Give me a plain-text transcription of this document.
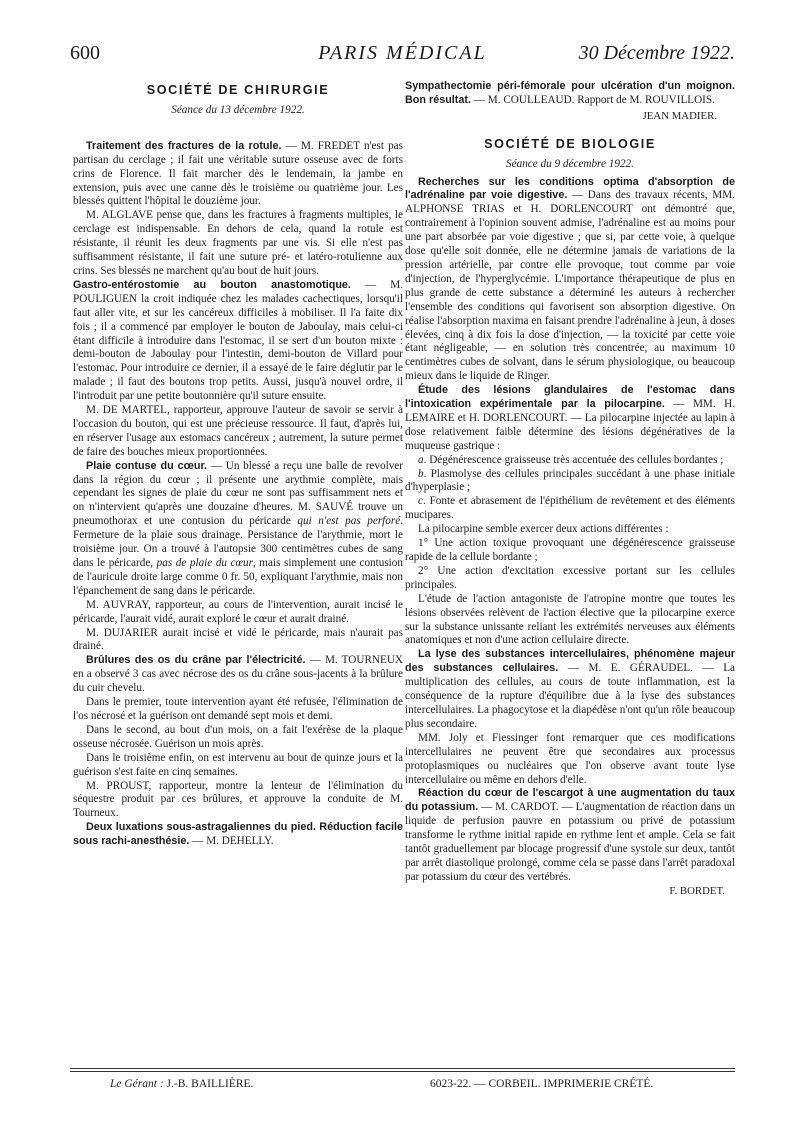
600	PARIS MÉDICAL	30 Décembre 1922.
SOCIÉTÉ DE CHIRURGIE
Séance du 13 décembre 1922.

Traitement des fractures de la rotule. — M. FREDET n'est pas partisan du cerclage ; il fait une véritable suture osseuse avec de forts crins de Florence. Il fait marcher dès le lendemain, la jambe en extension, puis avec une canne dès le troisième ou quatrième jour. Les blessés quittent l'hôpital le douzième jour.

M. ALGLAVE pense que, dans les fractures à fragments multiples, le cerclage est indispensable. En dehors de cela, quand la rotule est résistante, il réunit les deux fragments par une vis. Si elle n'est pas suffisamment résistante, il fait une suture pré- et latéro-rotulienne aux crins. Ses blessés ne marchent qu'au bout de huit jours.

Gastro-entérostomie au bouton anastomotique. — M. POULIGUEN la croit indiquée chez les malades cachectiques, lorsqu'il faut aller vite, et sur les cancéreux difficiles à mobiliser. Il l'a faite dix fois ; il a commencé par employer le bouton de Jaboulay, mais celui-ci étant difficile à introduire dans l'estomac, il se sert d'un bouton mixte : demi-bouton de Jaboulay pour l'intestin, demi-bouton de Villard pour l'estomac. Pour introduire ce dernier, il a essayé de le faire déglutir par le malade ; il faut des boutons trop petits. Aussi, jusqu'à nouvel ordre, il l'introduit par une petite boutonnière qu'il suture ensuite.

M. DE MARTEL, rapporteur, approuve l'auteur de savoir se servir à l'occasion du bouton, qui est une précieuse ressource. Il faut, d'après lui, en réserver l'usage aux estomacs cancéreux ; autrement, la suture permet de faire des bouches mieux proportionnées.

Plaie contuse du cœur. — Un blessé a reçu une balle de revolver dans la région du cœur ; il présente une arythmie complète, mais cependant les signes de plaie du cœur ne sont pas suffisamment nets et on n'intervient qu'après une douzaine d'heures. M. SAUVÉ trouve un pneumothorax et une contusion du péricarde qui n'est pas perforé. Fermeture de la plaie sous drainage. Persistance de l'arythmie, mort le troisième jour. On a trouvé à l'autopsie 300 centimètres cubes de sang dans le péricarde, pas de plaie du cœur, mais simplement une contusion de l'auricule droite large comme 0 fr. 50, expliquant l'arythmie, mais non l'épanchement de sang dans le péricarde.

M. AUVRAY, rapporteur, au cours de l'intervention, aurait incisé le péricarde, l'aurait vidé, aurait exploré le cœur et aurait drainé.

M. DUJARIER aurait incisé et vidé le péricarde, mais n'aurait pas drainé.

Brûlures des os du crâne par l'électricité. — M. TOURNEUX en a observé 3 cas avec nécrose des os du crâne sous-jacents à la brûlure du cuir chevelu.

Dans le premier, toute intervention ayant été refusée, l'élimination de l'os nécrosé et la guérison ont demandé sept mois et demi.

Dans le second, au bout d'un mois, on a fait l'exérèse de la plaque osseuse nécrosée. Guérison un mois après.

Dans le troisième enfin, on est intervenu au bout de quinze jours et la guérison s'est faite en cinq semaines.

M. PROUST, rapporteur, montre la lenteur de l'élimination du séquestre produit par ces brûlures, et approuve la conduite de M. Tourneux.

Deux luxations sous-astragaliennes du pied. Réduction facile sous rachi-anesthésie. — M. DEHELLY.

Sympathectomie péri-fémorale pour ulcération d'un moignon. Bon résultat. — M. COULLEAUD. Rapport de M. ROUVILLOIS.

JEAN MADIER.
SOCIÉTÉ DE BIOLOGIE
Séance du 9 décembre 1922.

Recherches sur les conditions optima d'absorption de l'adrénaline par voie digestive. — Dans des travaux récents, MM. ALPHONSE TRIAS et H. DORLENCOURT ont démontré que, contrairement à l'opinion souvent admise, l'adrénaline est au moins pour une part absorbée par voie digestive ; que si, par cette voie, à quelque dose qu'elle soit donnée, elle ne détermine jamais de variations de la pression artérielle, par contre elle provoque, tout comme par voie d'injection, de l'hyperglycémie. L'importance thérapeutique de plus en plus grande de cette substance a déterminé les auteurs à rechercher l'ensemble des conditions qui favorisent son absorption digestive. On réalise l'absorption maxima en faisant prendre l'adrénaline à jeun, à doses élevées, cinq à dix fois la dose d'injection, — la toxicité par cette voie étant négligeable, — en solution très concentrée, au maximum 10 centimètres cubes de solvant, dans le sérum physiologique, ou beaucoup mieux dans le liquide de Ringer.

Étude des lésions glandulaires de l'estomac dans l'intoxication expérimentale par la pilocarpine. — MM. H. LEMAIRE et H. DORLENCOURT. — La pilocarpine injectée au lapin à dose relativement faible détermine des lésions dégénératives de la muqueuse gastrique :

a. Dégénérescence graisseuse très accentuée des cellules bordantes ;

b. Plasmolyse des cellules principales succédant à une phase initiale d'hyperplasie ;

c. Fonte et abrasement de l'épithélium de revêtement et des éléments mucipares.

La pilocarpine semble exercer deux actions différentes :

1° Une action toxique provoquant une dégénérescence graisseuse rapide de la cellule bordante ;

2° Une action d'excitation excessive portant sur les cellules principales.

L'étude de l'action antagoniste de l'atropine montre que toutes les lésions observées relèvent de l'action élective que la pilocarpine exerce sur la substance unissante reliant les extrémités nerveuses aux éléments anatomiques et non d'une action cellulaire directe.

La lyse des substances intercellulaires, phénomène majeur des substances cellulaires. — M. E. GÉRAUDEL. — La multiplication des cellules, au cours de toute inflammation, est la conséquence de la rupture d'équilibre due à la lyse des substances intercellulaires. La phagocytose et la diapédèse n'ont qu'un rôle beaucoup plus secondaire.

MM. Joly et Fiessinger font remarquer que ces modifications intercellulaires ne peuvent être que secondaires aux processus protoplasmiques ou nucléaires que l'on observe avant toute lyse intercellulaire ou même en dehors d'elle.

Réaction du cœur de l'escargot à une augmentation du taux du potassium. — M. CARDOT. — L'augmentation de réaction dans un liquide de perfusion pauvre en potassium ou privé de potassium transforme le rythme initial rapide en rythme lent et ample. Cela se fait tantôt graduellement par blocage progressif d'une systole sur deux, tantôt par arrêt diastolique prolongé, comme cela se passe dans l'arrêt paradoxal par potassium du cœur des vertébrés.

F. BORDET.
Le Gérant : J.-B. BAILLIÈRE.	6023-22. — CORBEIL. IMPRIMERIE CRÉTÉ.
